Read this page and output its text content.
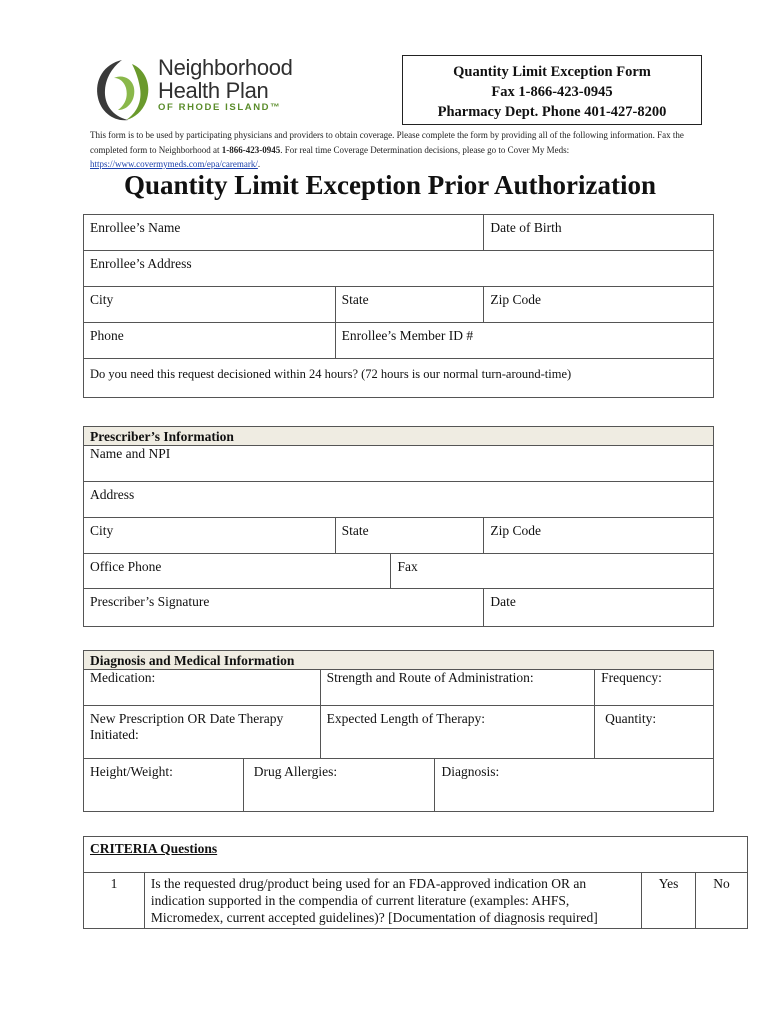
Neighborhood
Health Plan
OF RHODE ISLAND™
Quantity Limit Exception Form
Fax 1-866-423-0945
Pharmacy Dept. Phone 401-427-8200
This form is to be used by participating physicians and providers to obtain coverage. Please complete the form by providing all of the following information. Fax the completed form to Neighborhood at 1-866-423-0945. For real time Coverage Determination decisions, please go to Cover My Meds: https://www.covermymeds.com/epa/caremark/.
Quantity Limit Exception Prior Authorization
Enrollee’s Name		Date of Birth
Enrollee’s Address		
City	State	Zip Code
Phone	Enrollee’s Member ID #	
Do you need this request decisioned within 24 hours? (72 hours is our normal turn-around-time)		
Prescriber’s Information			
Name and NPI			
Address			
City	State		Zip Code
Office Phone		Fax	
Prescriber’s Signature			Date
Diagnosis and Medical Information				
Medication:		Strength and Route of Administration:		Frequency:
New Prescription OR Date Therapy Initiated:		Expected Length of Therapy:		Quantity:
Height/Weight:	Drug Allergies:		Diagnosis:	
CRITERIA Questions
1	Is the requested drug/product being used for an FDA-approved indication OR an indication supported in the compendia of current literature (examples: AHFS, Micromedex, current accepted guidelines)? [Documentation of diagnosis required]	Yes	No
